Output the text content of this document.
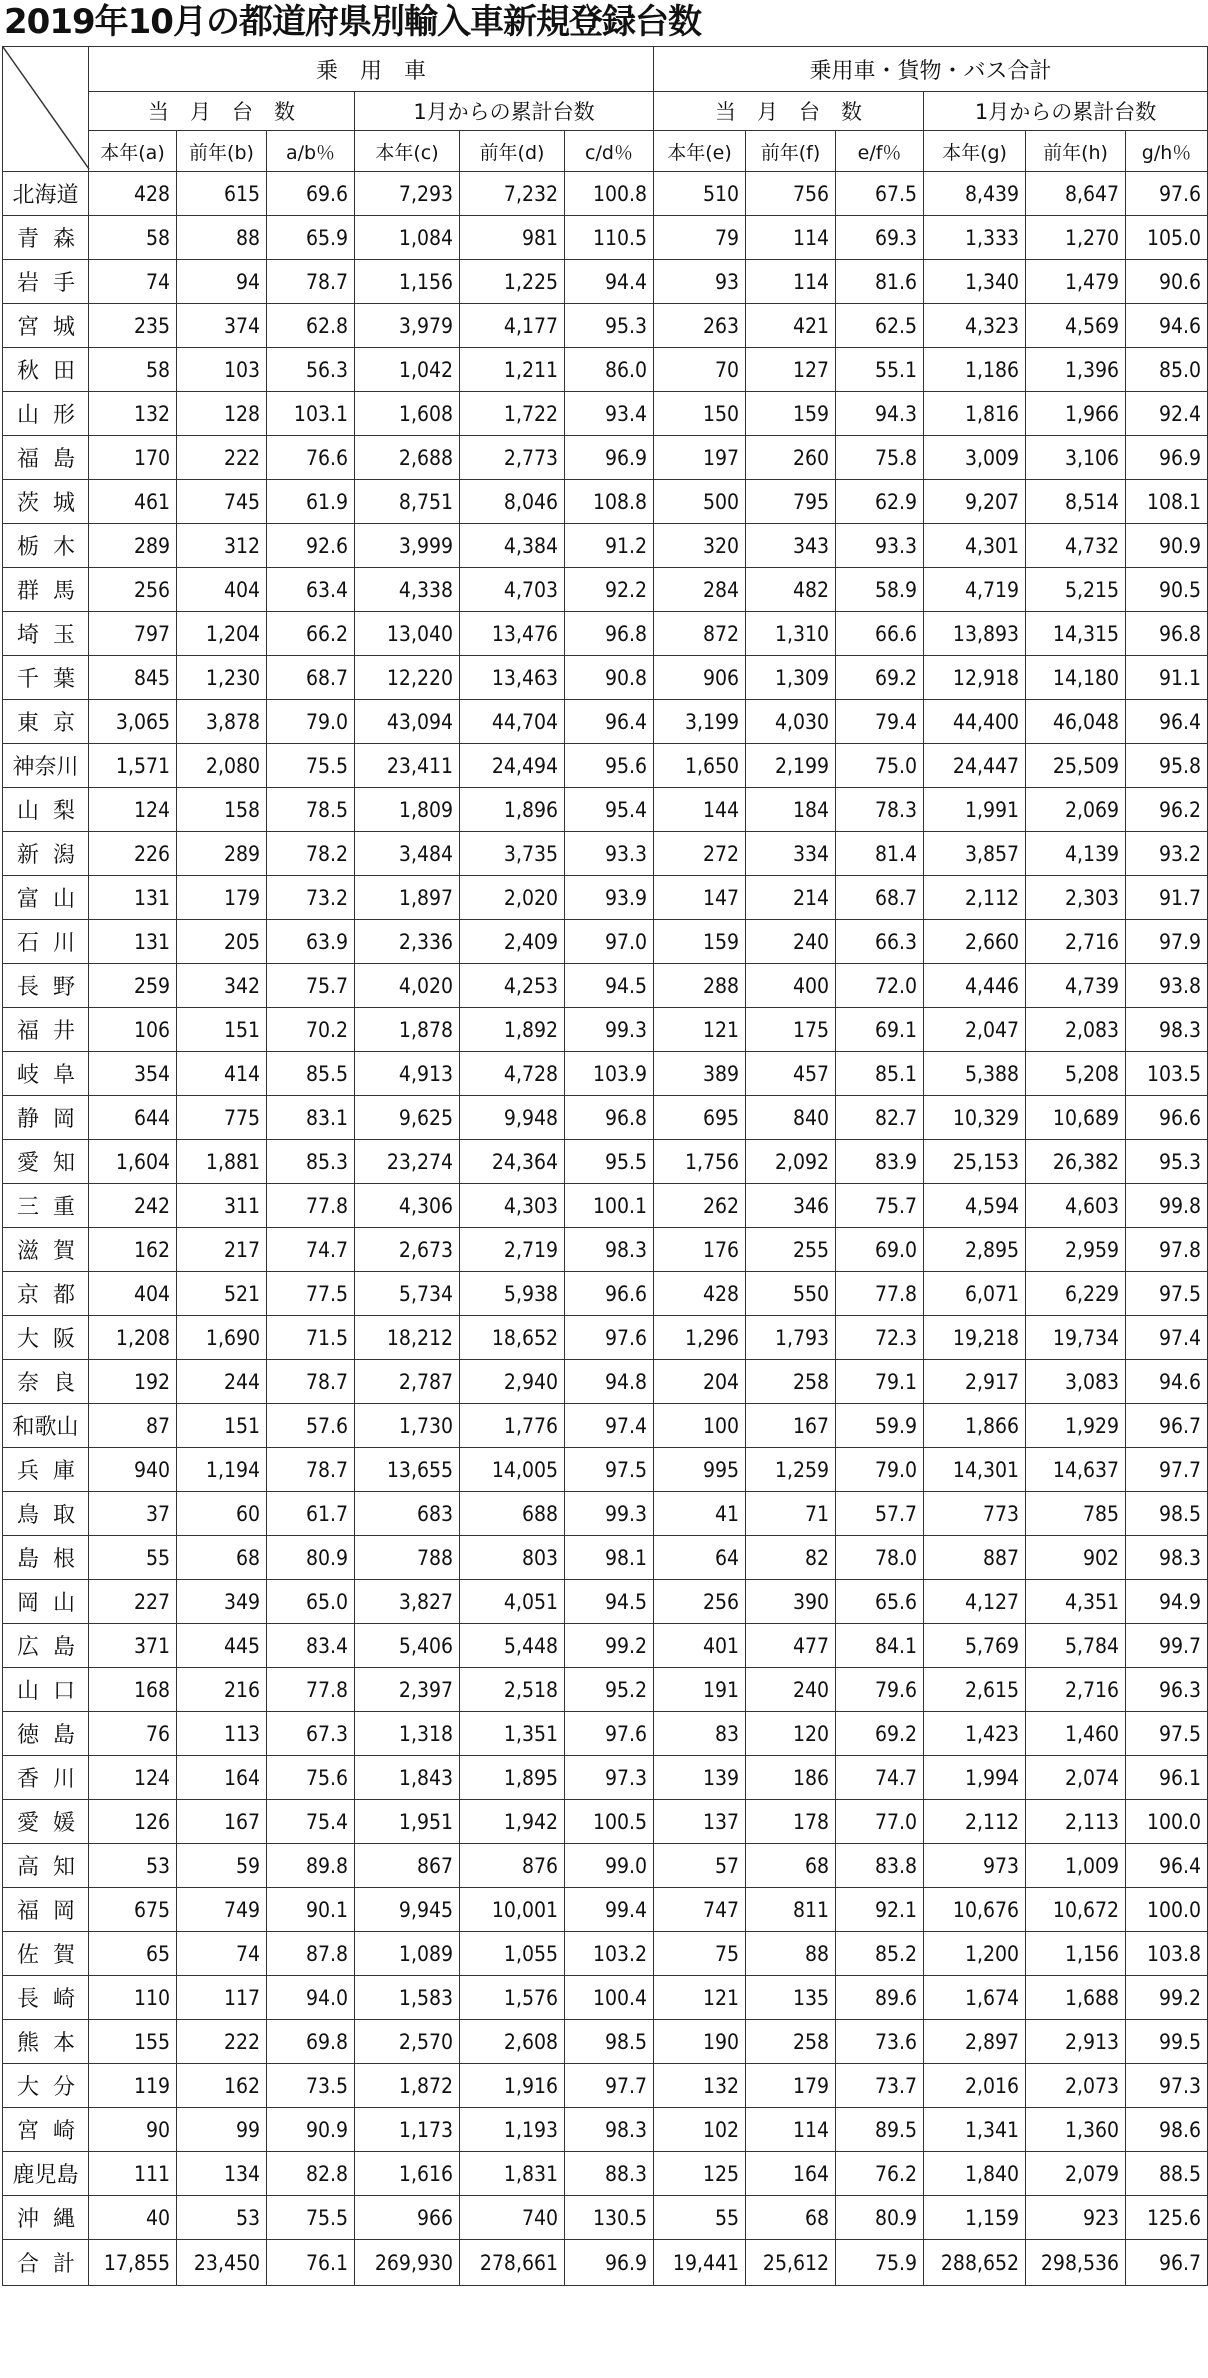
2019年10月の都道府県別輸入車新規登録台数
	乗　用　車						乗用車・貨物・バス合計					
	当　月　台　数			1月からの累計台数			当　月　台　数			1月からの累計台数		
	本年(a)	前年(b)	a/b％	本年(c)	前年(d)	c/d％	本年(e)	前年(f)	e/f％	本年(g)	前年(h)	g/h％
北海道	428	615	69.6	7,293	7,232	100.8	510	756	67.5	8,439	8,647	97.6
青森	58	88	65.9	1,084	981	110.5	79	114	69.3	1,333	1,270	105.0
岩手	74	94	78.7	1,156	1,225	94.4	93	114	81.6	1,340	1,479	90.6
宮城	235	374	62.8	3,979	4,177	95.3	263	421	62.5	4,323	4,569	94.6
秋田	58	103	56.3	1,042	1,211	86.0	70	127	55.1	1,186	1,396	85.0
山形	132	128	103.1	1,608	1,722	93.4	150	159	94.3	1,816	1,966	92.4
福島	170	222	76.6	2,688	2,773	96.9	197	260	75.8	3,009	3,106	96.9
茨城	461	745	61.9	8,751	8,046	108.8	500	795	62.9	9,207	8,514	108.1
栃木	289	312	92.6	3,999	4,384	91.2	320	343	93.3	4,301	4,732	90.9
群馬	256	404	63.4	4,338	4,703	92.2	284	482	58.9	4,719	5,215	90.5
埼玉	797	1,204	66.2	13,040	13,476	96.8	872	1,310	66.6	13,893	14,315	96.8
千葉	845	1,230	68.7	12,220	13,463	90.8	906	1,309	69.2	12,918	14,180	91.1
東京	3,065	3,878	79.0	43,094	44,704	96.4	3,199	4,030	79.4	44,400	46,048	96.4
神奈川	1,571	2,080	75.5	23,411	24,494	95.6	1,650	2,199	75.0	24,447	25,509	95.8
山梨	124	158	78.5	1,809	1,896	95.4	144	184	78.3	1,991	2,069	96.2
新潟	226	289	78.2	3,484	3,735	93.3	272	334	81.4	3,857	4,139	93.2
富山	131	179	73.2	1,897	2,020	93.9	147	214	68.7	2,112	2,303	91.7
石川	131	205	63.9	2,336	2,409	97.0	159	240	66.3	2,660	2,716	97.9
長野	259	342	75.7	4,020	4,253	94.5	288	400	72.0	4,446	4,739	93.8
福井	106	151	70.2	1,878	1,892	99.3	121	175	69.1	2,047	2,083	98.3
岐阜	354	414	85.5	4,913	4,728	103.9	389	457	85.1	5,388	5,208	103.5
静岡	644	775	83.1	9,625	9,948	96.8	695	840	82.7	10,329	10,689	96.6
愛知	1,604	1,881	85.3	23,274	24,364	95.5	1,756	2,092	83.9	25,153	26,382	95.3
三重	242	311	77.8	4,306	4,303	100.1	262	346	75.7	4,594	4,603	99.8
滋賀	162	217	74.7	2,673	2,719	98.3	176	255	69.0	2,895	2,959	97.8
京都	404	521	77.5	5,734	5,938	96.6	428	550	77.8	6,071	6,229	97.5
大阪	1,208	1,690	71.5	18,212	18,652	97.6	1,296	1,793	72.3	19,218	19,734	97.4
奈良	192	244	78.7	2,787	2,940	94.8	204	258	79.1	2,917	3,083	94.6
和歌山	87	151	57.6	1,730	1,776	97.4	100	167	59.9	1,866	1,929	96.7
兵庫	940	1,194	78.7	13,655	14,005	97.5	995	1,259	79.0	14,301	14,637	97.7
鳥取	37	60	61.7	683	688	99.3	41	71	57.7	773	785	98.5
島根	55	68	80.9	788	803	98.1	64	82	78.0	887	902	98.3
岡山	227	349	65.0	3,827	4,051	94.5	256	390	65.6	4,127	4,351	94.9
広島	371	445	83.4	5,406	5,448	99.2	401	477	84.1	5,769	5,784	99.7
山口	168	216	77.8	2,397	2,518	95.2	191	240	79.6	2,615	2,716	96.3
徳島	76	113	67.3	1,318	1,351	97.6	83	120	69.2	1,423	1,460	97.5
香川	124	164	75.6	1,843	1,895	97.3	139	186	74.7	1,994	2,074	96.1
愛媛	126	167	75.4	1,951	1,942	100.5	137	178	77.0	2,112	2,113	100.0
高知	53	59	89.8	867	876	99.0	57	68	83.8	973	1,009	96.4
福岡	675	749	90.1	9,945	10,001	99.4	747	811	92.1	10,676	10,672	100.0
佐賀	65	74	87.8	1,089	1,055	103.2	75	88	85.2	1,200	1,156	103.8
長崎	110	117	94.0	1,583	1,576	100.4	121	135	89.6	1,674	1,688	99.2
熊本	155	222	69.8	2,570	2,608	98.5	190	258	73.6	2,897	2,913	99.5
大分	119	162	73.5	1,872	1,916	97.7	132	179	73.7	2,016	2,073	97.3
宮崎	90	99	90.9	1,173	1,193	98.3	102	114	89.5	1,341	1,360	98.6
鹿児島	111	134	82.8	1,616	1,831	88.3	125	164	76.2	1,840	2,079	88.5
沖縄	40	53	75.5	966	740	130.5	55	68	80.9	1,159	923	125.6
合計	17,855	23,450	76.1	269,930	278,661	96.9	19,441	25,612	75.9	288,652	298,536	96.7
